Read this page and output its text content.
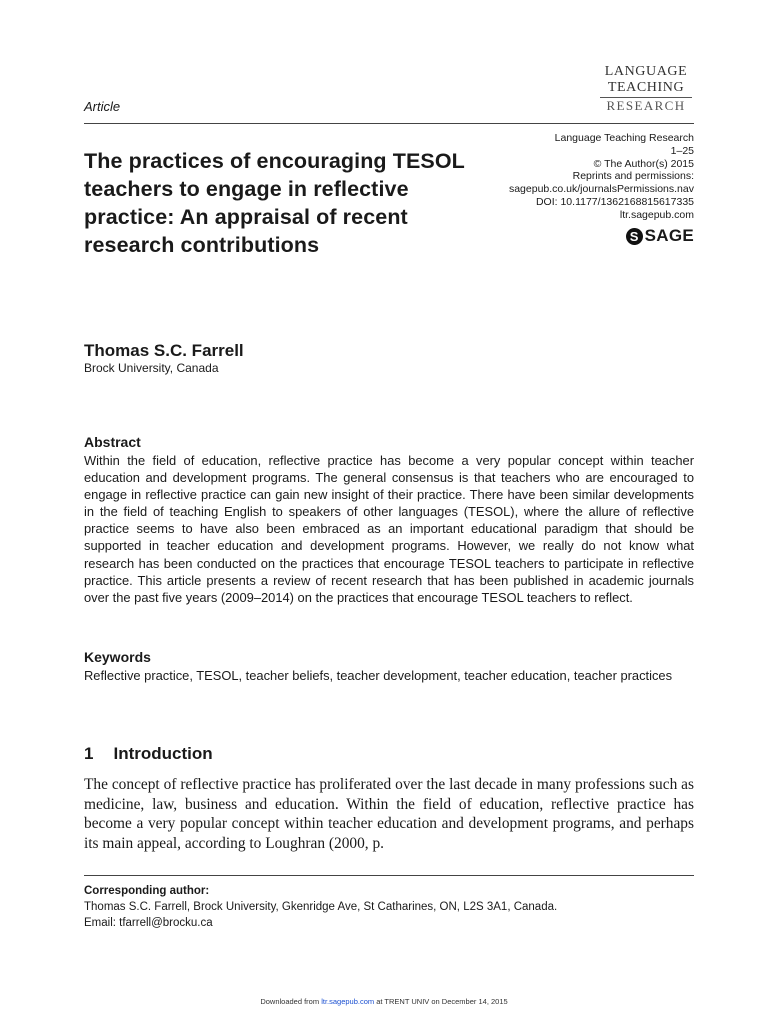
LANGUAGE
TEACHING
RESEARCH
Article
The practices of encouraging TESOL teachers to engage in reflective practice: An appraisal of recent research contributions
Language Teaching Research
1–25
© The Author(s) 2015
Reprints and permissions:
sagepub.co.uk/journalsPermissions.nav
DOI: 10.1177/1362168815617335
ltr.sagepub.com
S SAGE
Thomas S.C. Farrell
Brock University, Canada
Abstract

Within the field of education, reflective practice has become a very popular concept within teacher education and development programs. The general consensus is that teachers who are encouraged to engage in reflective practice can gain new insight of their practice. There have been similar developments in the field of teaching English to speakers of other languages (TESOL), where the allure of reflective practice seems to have also been embraced as an important educational paradigm that should be supported in teacher education and development programs. However, we really do not know what research has been conducted on the practices that encourage TESOL teachers to participate in reflective practice. This article presents a review of recent research that has been published in academic journals over the past five years (2009–2014) on the practices that encourage TESOL teachers to reflect.

Keywords

Reflective practice, TESOL, teacher beliefs, teacher development, teacher education, teacher practices

1 Introduction

The concept of reflective practice has proliferated over the last decade in many professions such as medicine, law, business and education. Within the field of education, reflective practice has become a very popular concept within teacher education and development programs, and perhaps its main appeal, according to Loughran (2000, p.

Corresponding author:
Thomas S.C. Farrell, Brock University, Gkenridge Ave, St Catharines, ON, L2S 3A1, Canada.
Email: tfarrell@brocku.ca
Downloaded from ltr.sagepub.com at TRENT UNIV on December 14, 2015
